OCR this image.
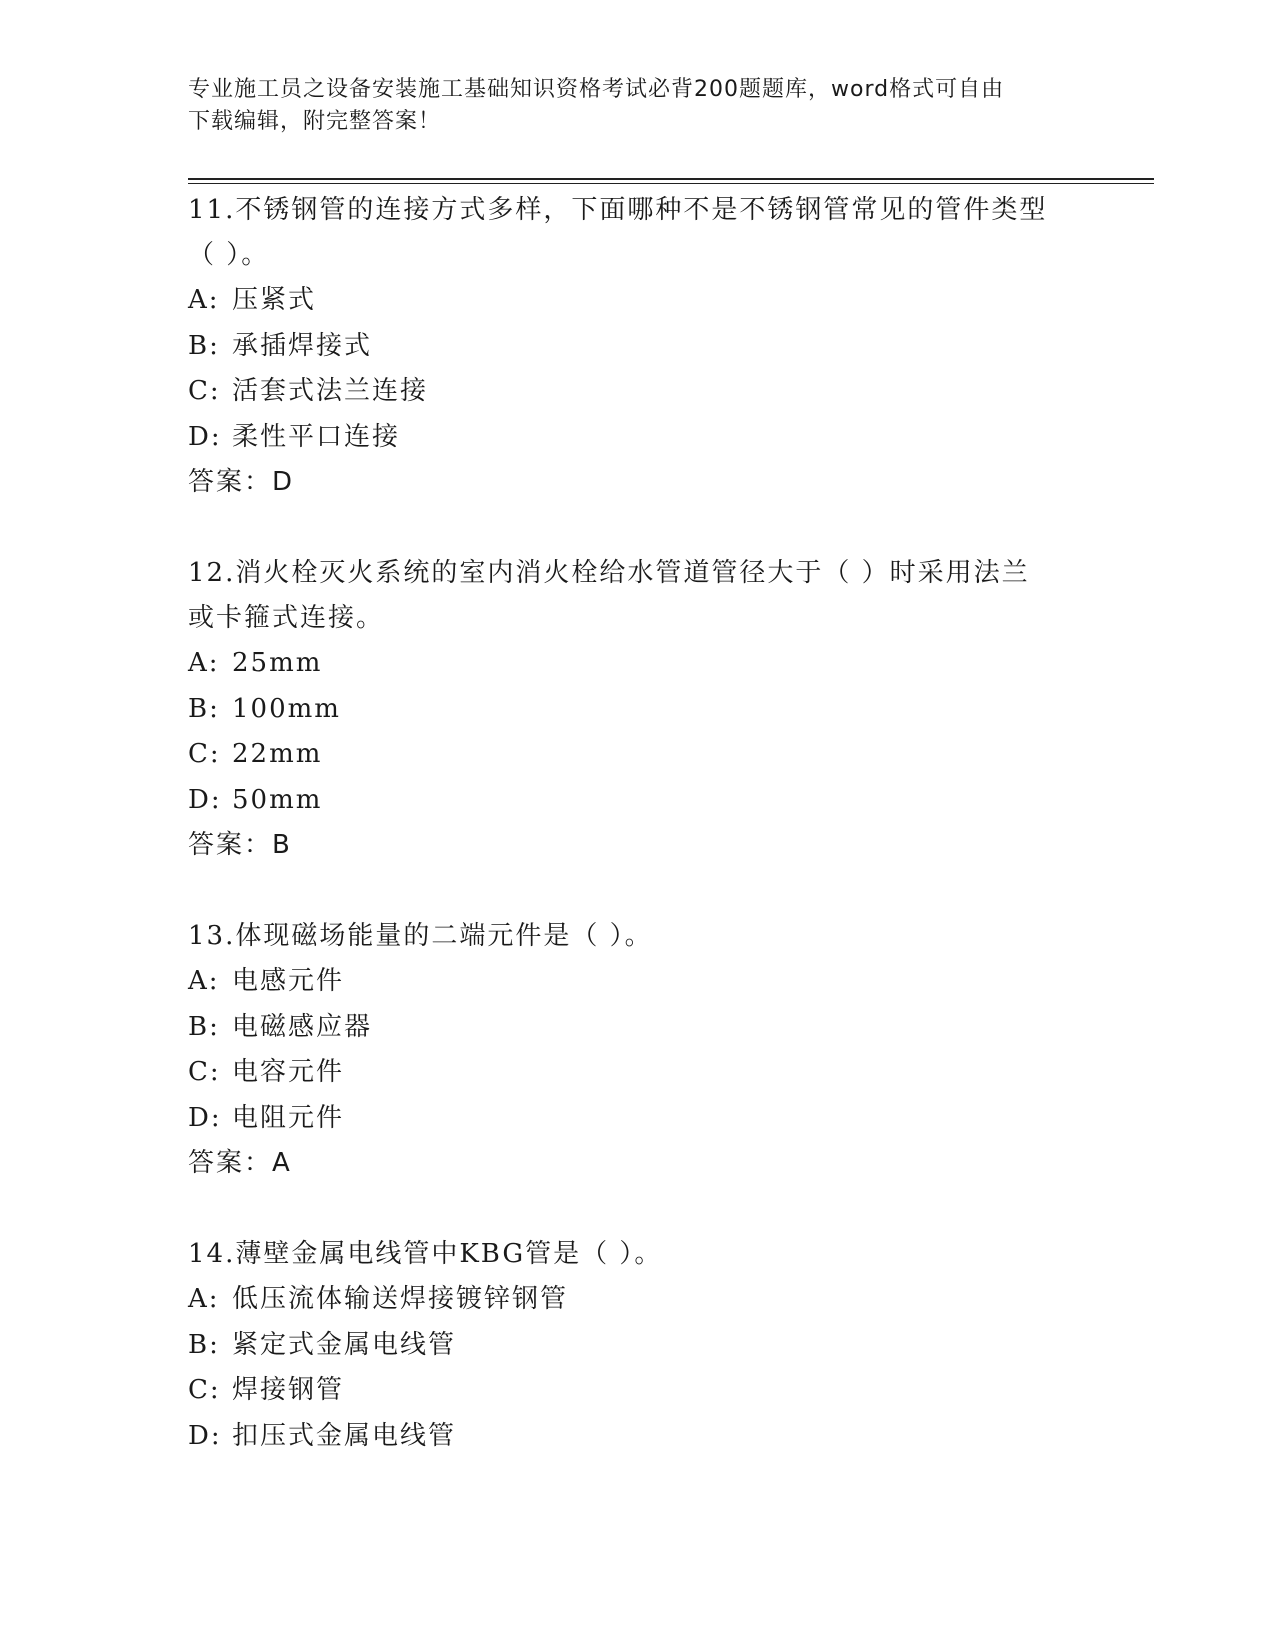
专业施工员之设备安装施工基础知识资格考试必背200题题库，word格式可自由
下载编辑，附完整答案！
11.不锈钢管的连接方式多样，下面哪种不是不锈钢管常见的管件类型
（ ）。
A: 压紧式
B: 承插焊接式
C: 活套式法兰连接
D: 柔性平口连接
答案：D
12.消火栓灭火系统的室内消火栓给水管道管径大于（ ）时采用法兰
或卡箍式连接。
A: 25mm
B: 100mm
C: 22mm
D: 50mm
答案：B
13.体现磁场能量的二端元件是（ ）。
A: 电感元件
B: 电磁感应器
C: 电容元件
D: 电阻元件
答案：A
14.薄壁金属电线管中KBG管是（ ）。
A: 低压流体输送焊接镀锌钢管
B: 紧定式金属电线管
C: 焊接钢管
D: 扣压式金属电线管
